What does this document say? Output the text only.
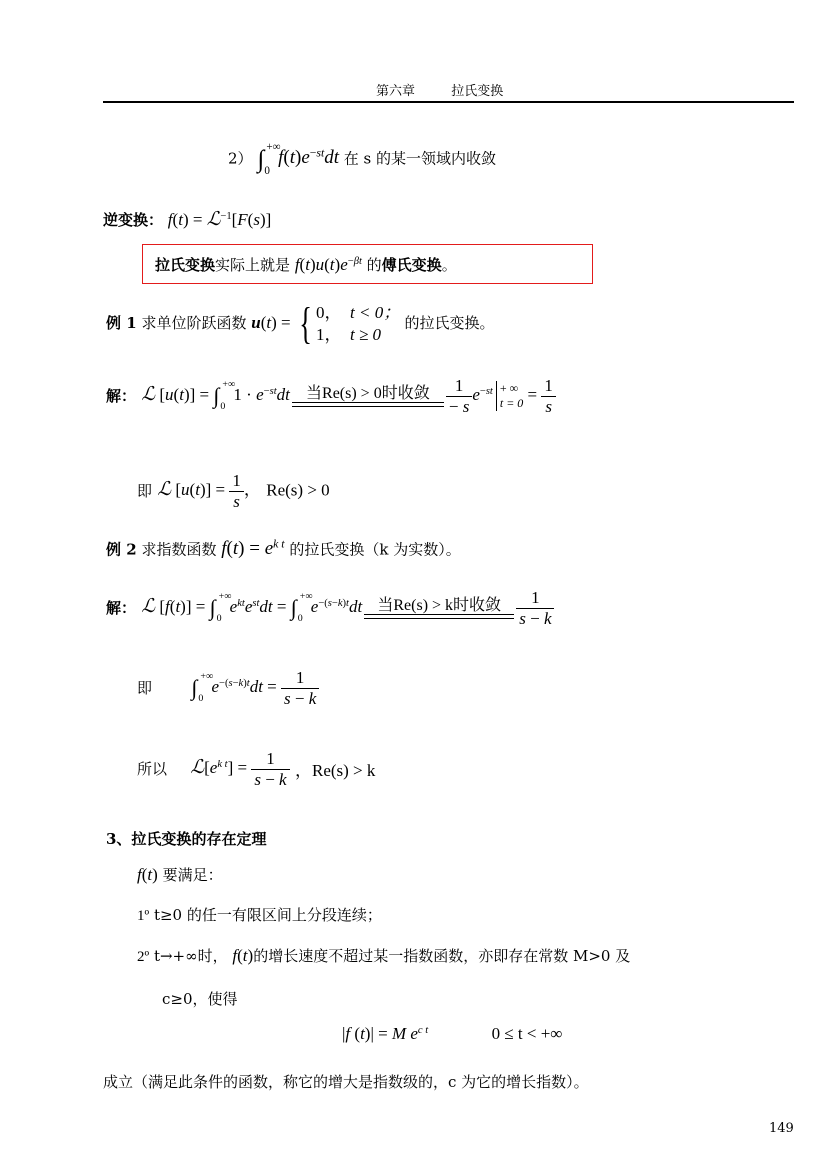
第六章	拉氏变换
2） ∫ +∞
0
$f(t)e^{-st}dt$ 在 s 的某一领域内收敛
逆变换： f(t) = ℒ$^{-1}$[F(s)]
拉氏变换实际上就是 $f(t)u(t)e^{-\beta t}$ 的傅氏变换。
例 1 求单位阶跃函数 u(t) = { 0， t < 0；
1， t ≥ 0
的拉氏变换。
解： ℒ [u(t)] = ∫ +∞
0
$1 \cdot e^{-st}dt$	当Re(s) > 0时收敛 $\frac{1}{- s} e^{-st}$ + ∞
$t = 0 = \frac{1}{s}$
即 ℒ $[u(t)] = \frac{1}{s}$ ， Re(s) > 0
例 2 求指数函数 $f(t) = e^{k t}$ 的拉氏变换（k 为实数）。
解： ℒ [f(t)] = ∫ +∞
0
$e^{kt}e^{st}dt$ = ∫ +∞
0
$e^{-(s-k)t}dt$ 当Re(s) > k时收敛 $\frac{1}{s - k}$
即 ∫ +∞
0
$e^{-(s-k)t}dt = \frac{1}{s - k}$
所以 $ℒ[e^{k t}] = \frac{1}{s - k}$ ，Re(s) > k
3、拉氏变换的存在定理
f(t) 要满足：
1º t≥0 的任一有限区间上分段连续；
2º t→+∞时， f(t)的增长速度不超过某一指数函数，亦即存在常数 M>0 及
c≥0，使得
|f (t)| = M $e^{c t}$	0 ≤ t < +∞
成立（满足此条件的函数，称它的增大是指数级的，c 为它的增长指数）。
149
